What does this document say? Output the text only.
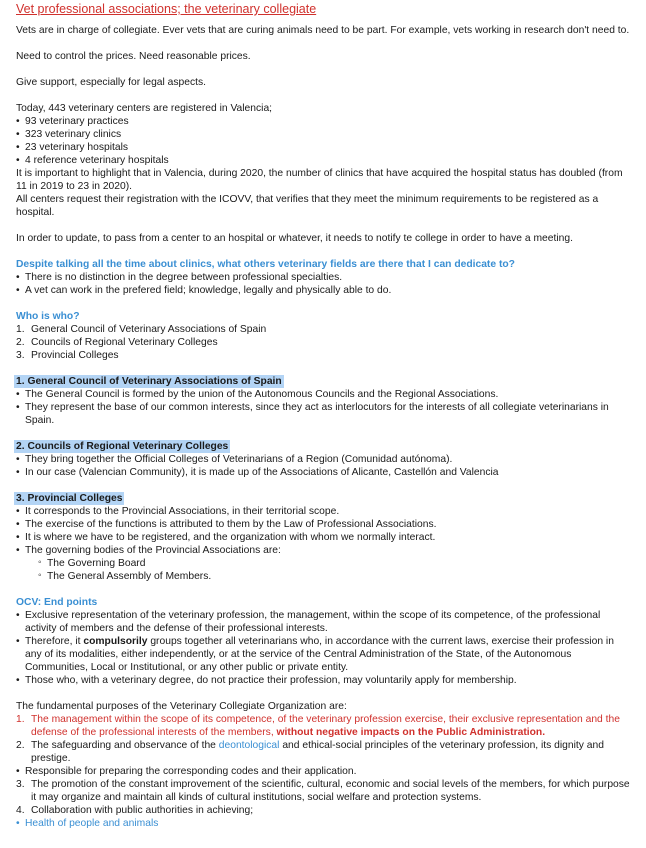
Vet professional associations; the veterinary collegiate

Vets are in charge of collegiate. Ever vets that are curing animals need to be part. For example, vets working in research don't need to.

Need to control the prices. Need reasonable prices.

Give support, especially for legal aspects.

Today, 443 veterinary centers are registered in Valencia;

• 93 veterinary practices
• 323 veterinary clinics
• 23 veterinary hospitals
• 4 reference veterinary hospitals

It is important to highlight that in Valencia, during 2020, the number of clinics that have acquired the hospital status has doubled (from 11 in 2019 to 23 in 2020).

All centers request their registration with the ICOVV, that verifies that they meet the minimum requirements to be registered as a hospital.

In order to update, to pass from a center to an hospital or whatever, it needs to notify te college in order to have a meeting.

Despite talking all the time about clinics, what others veterinary fields are there that I can dedicate to?

• There is no distinction in the degree between professional specialties.
• A vet can work in the prefered field; knowledge, legally and physically able to do.

Who is who?

1. General Council of Veterinary Associations of Spain
2. Councils of Regional Veterinary Colleges
3. Provincial Colleges

1. General Council of Veterinary Associations of Spain

• The General Council is formed by the union of the Autonomous Councils and the Regional Associations.
• They represent the base of our common interests, since they act as interlocutors for the interests of all collegiate veterinarians in Spain.

2. Councils of Regional Veterinary Colleges

• They bring together the Official Colleges of Veterinarians of a Region (Comunidad autónoma).
• In our case (Valencian Community), it is made up of the Associations of Alicante, Castellón and Valencia

3. Provincial Colleges

• It corresponds to the Provincial Associations, in their territorial scope.
• The exercise of the functions is attributed to them by the Law of Professional Associations.
• It is where we have to be registered, and the organization with whom we normally interact.
• The governing bodies of the Provincial Associations are:
◦ The Governing Board
◦ The General Assembly of Members.

OCV: End points

• Exclusive representation of the veterinary profession, the management, within the scope of its competence, of the professional activity of members and the defense of their professional interests.
• Therefore, it compulsorily groups together all veterinarians who, in accordance with the current laws, exercise their profession in any of its modalities, either independently, or at the service of the Central Administration of the State, of the Autonomous Communities, Local or Institutional, or any other public or private entity.
• Those who, with a veterinary degree, do not practice their profession, may voluntarily apply for membership.

The fundamental purposes of the Veterinary Collegiate Organization are:

1. The management within the scope of its competence, of the veterinary profession exercise, their exclusive representation and the defense of the professional interests of the members, without negative impacts on the Public Administration.
2. The safeguarding and observance of the deontological and ethical-social principles of the veterinary profession, its dignity and prestige.
• Responsible for preparing the corresponding codes and their application.
3. The promotion of the constant improvement of the scientific, cultural, economic and social levels of the members, for which purpose it may organize and maintain all kinds of cultural institutions, social welfare and protection systems.
4. Collaboration with public authorities in achieving;
• Health of people and animals
